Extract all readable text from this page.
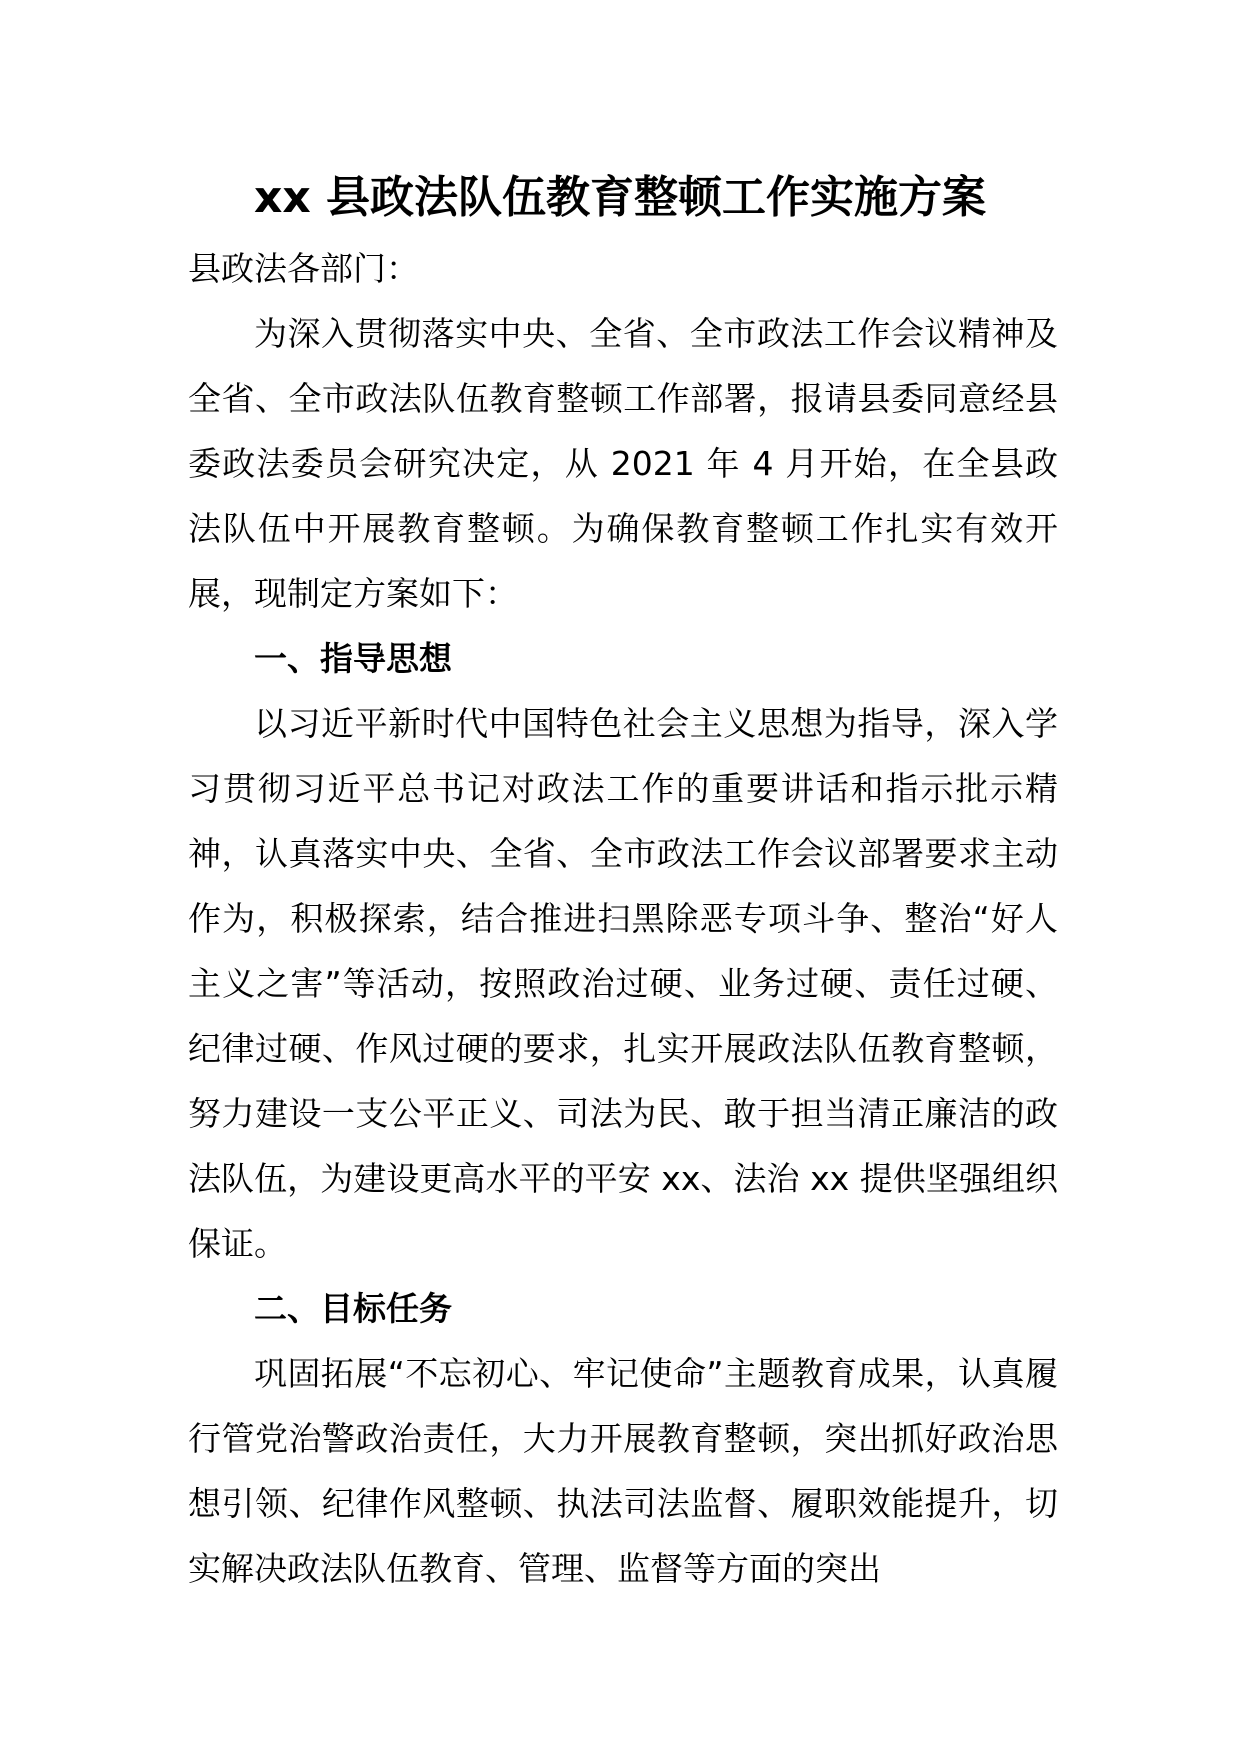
xx 县政法队伍教育整顿工作实施方案

县政法各部门：

为深入贯彻落实中央、全省、全市政法工作会议精神及全省、全市政法队伍教育整顿工作部署，报请县委同意经县委政法委员会研究决定，从 2021 年 4 月开始，在全县政法队伍中开展教育整顿。为确保教育整顿工作扎实有效开展，现制定方案如下：

一、指导思想

以习近平新时代中国特色社会主义思想为指导，深入学习贯彻习近平总书记对政法工作的重要讲话和指示批示精神，认真落实中央、全省、全市政法工作会议部署要求主动作为，积极探索，结合推进扫黑除恶专项斗争、整治“好人主义之害”等活动，按照政治过硬、业务过硬、责任过硬、纪律过硬、作风过硬的要求，扎实开展政法队伍教育整顿，努力建设一支公平正义、司法为民、敢于担当清正廉洁的政法队伍，为建设更高水平的平安 xx、法治 xx 提供坚强组织保证。

二、目标任务

巩固拓展“不忘初心、牢记使命”主题教育成果，认真履行管党治警政治责任，大力开展教育整顿，突出抓好政治思想引领、纪律作风整顿、执法司法监督、履职效能提升，切实解决政法队伍教育、管理、监督等方面的突出
